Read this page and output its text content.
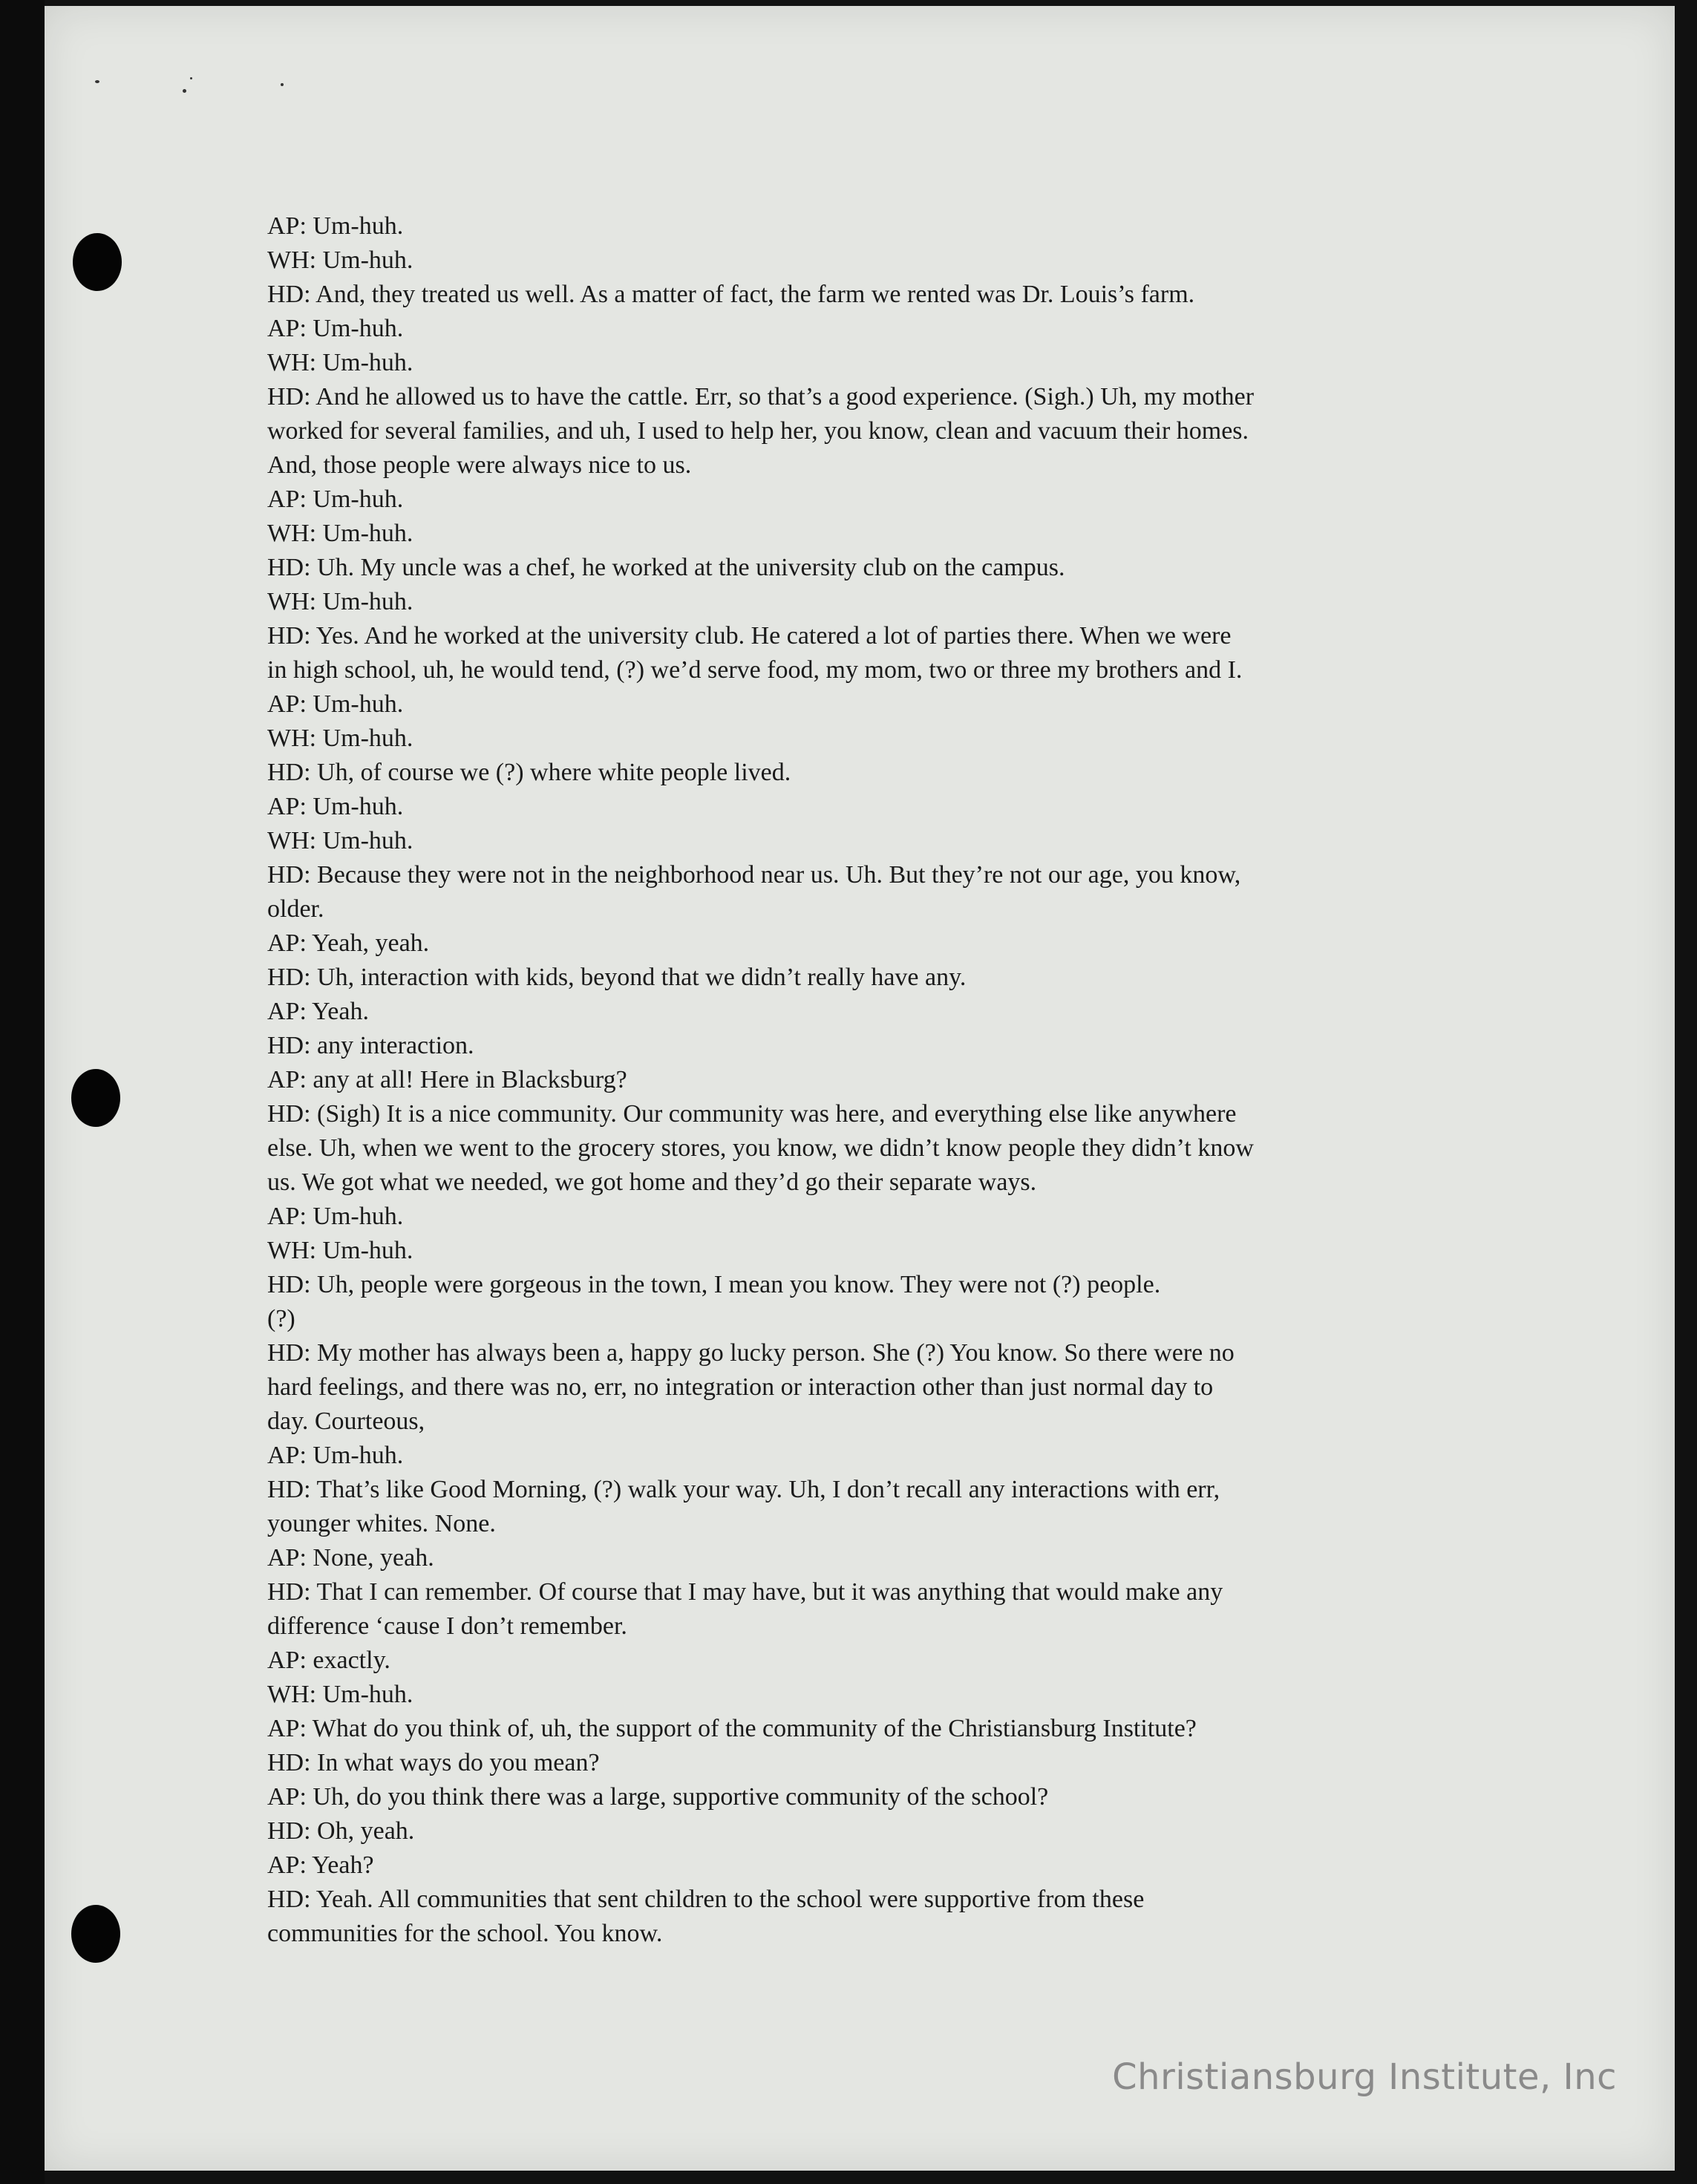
AP: Um-huh.

WH: Um-huh.

HD: And, they treated us well. As a matter of fact, the farm we rented was Dr. Louis’s farm.

AP: Um-huh.

WH: Um-huh.

HD: And he allowed us to have the cattle. Err, so that’s a good experience. (Sigh.) Uh, my mother

worked for several families, and uh, I used to help her, you know, clean and vacuum their homes.

And, those people were always nice to us.

AP: Um-huh.

WH: Um-huh.

HD: Uh. My uncle was a chef, he worked at the university club on the campus.

WH: Um-huh.

HD: Yes. And he worked at the university club. He catered a lot of parties there. When we were

in high school, uh, he would tend, (?) we’d serve food, my mom, two or three my brothers and I.

AP: Um-huh.

WH: Um-huh.

HD: Uh, of course we (?) where white people lived.

AP: Um-huh.

WH: Um-huh.

HD: Because they were not in the neighborhood near us. Uh. But they’re not our age, you know,

older.

AP: Yeah, yeah.

HD: Uh, interaction with kids, beyond that we didn’t really have any.

AP: Yeah.

HD: any interaction.

AP: any at all! Here in Blacksburg?

HD: (Sigh) It is a nice community. Our community was here, and everything else like anywhere

else. Uh, when we went to the grocery stores, you know, we didn’t know people they didn’t know

us. We got what we needed, we got home and they’d go their separate ways.

AP: Um-huh.

WH: Um-huh.

HD: Uh, people were gorgeous in the town, I mean you know. They were not (?) people.

(?)

HD: My mother has always been a, happy go lucky person. She (?) You know. So there were no

hard feelings, and there was no, err, no integration or interaction other than just normal day to

day. Courteous,

AP: Um-huh.

HD: That’s like Good Morning, (?) walk your way. Uh, I don’t recall any interactions with err,

younger whites. None.

AP: None, yeah.

HD: That I can remember. Of course that I may have, but it was anything that would make any

difference ‘cause I don’t remember.

AP: exactly.

WH: Um-huh.

AP: What do you think of, uh, the support of the community of the Christiansburg Institute?

HD: In what ways do you mean?

AP: Uh, do you think there was a large, supportive community of the school?

HD: Oh, yeah.

AP: Yeah?

HD: Yeah. All communities that sent children to the school were supportive from these

communities for the school. You know.

Christiansburg Institute, Inc
